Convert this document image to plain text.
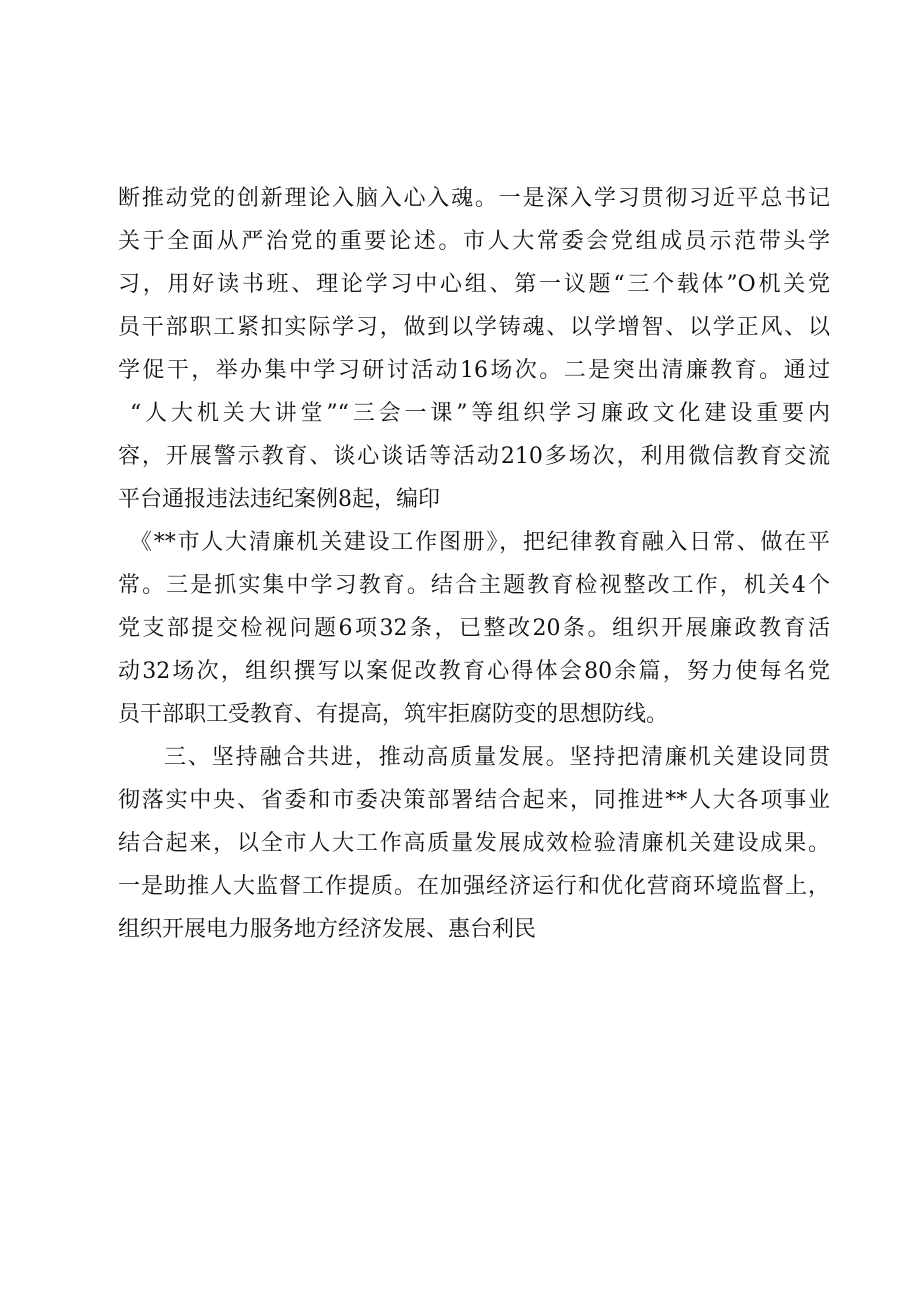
断推动党的创新理论入脑入心入魂。一是深入学习贯彻习近平总书记
关于全面从严治党的重要论述。市人大常委会党组成员示范带头学
习，用好读书班、理论学习中心组、第一议题“三个载体”O机关党
员干部职工紧扣实际学习，做到以学铸魂、以学增智、以学正风、以
学促干，举办集中学习研讨活动16场次。二是突出清廉教育。通过
“人大机关大讲堂”“三会一课”等组织学习廉政文化建设重要内
容，开展警示教育、谈心谈话等活动210多场次，利用微信教育交流
平台通报违法违纪案例8起，编印
《**市人大清廉机关建设工作图册》，把纪律教育融入日常、做在平
常。三是抓实集中学习教育。结合主题教育检视整改工作，机关4个
党支部提交检视问题6项32条，已整改20条。组织开展廉政教育活
动32场次，组织撰写以案促改教育心得体会80余篇，努力使每名党
员干部职工受教育、有提高，筑牢拒腐防变的思想防线。
三、坚持融合共进，推动高质量发展。坚持把清廉机关建设同贯
彻落实中央、省委和市委决策部署结合起来，同推进**人大各项事业
结合起来，以全市人大工作高质量发展成效检验清廉机关建设成果。
一是助推人大监督工作提质。在加强经济运行和优化营商环境监督上，
组织开展电力服务地方经济发展、惠台利民
